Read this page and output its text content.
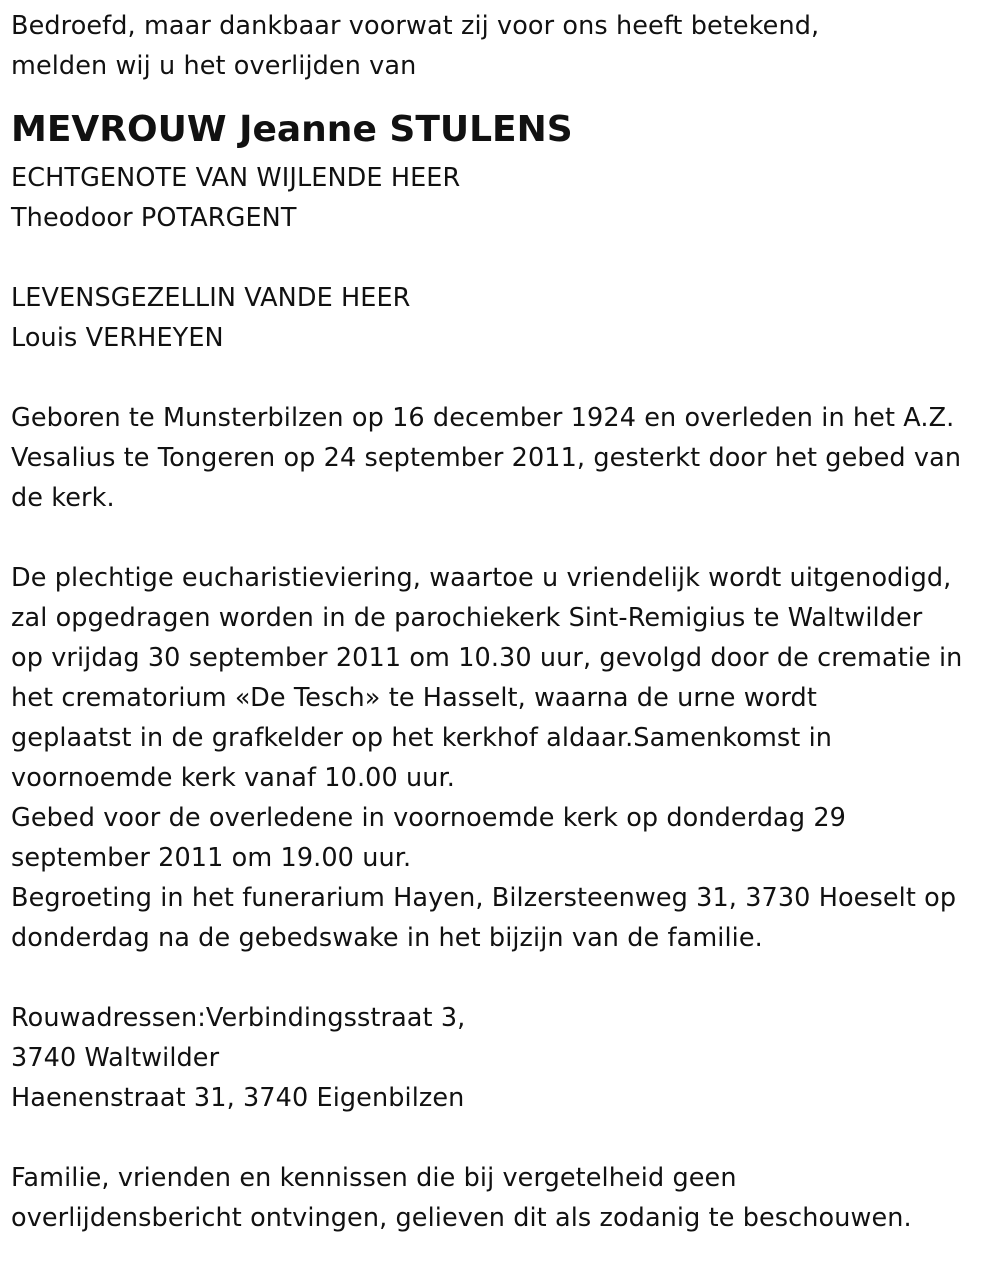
Bedroefd, maar dankbaar voorwat zij voor ons heeft betekend,
melden wij u het overlijden van
MEVROUW Jeanne STULENS
ECHTGENOTE VAN WIJLENDE HEER
Theodoor POTARGENT
LEVENSGEZELLIN VANDE HEER
Louis VERHEYEN
Geboren te Munsterbilzen op 16 december 1924 en overleden in het A.Z.
Vesalius te Tongeren op 24 september 2011, gesterkt door het gebed van
de kerk.
De plechtige eucharistieviering, waartoe u vriendelijk wordt uitgenodigd,
zal opgedragen worden in de parochiekerk Sint-Remigius te Waltwilder
op vrijdag 30 september 2011 om 10.30 uur, gevolgd door de crematie in
het crematorium «De Tesch» te Hasselt, waarna de urne wordt
geplaatst in de grafkelder op het kerkhof aldaar.Samenkomst in
voornoemde kerk vanaf 10.00 uur.
Gebed voor de overledene in voornoemde kerk op donderdag 29
september 2011 om 19.00 uur.
Begroeting in het funerarium Hayen, Bilzersteenweg 31, 3730 Hoeselt op
donderdag na de gebedswake in het bijzijn van de familie.
Rouwadressen:Verbindingsstraat 3,
3740 Waltwilder
Haenenstraat 31, 3740 Eigenbilzen
Familie, vrienden en kennissen die bij vergetelheid geen
overlijdensbericht ontvingen, gelieven dit als zodanig te beschouwen.
